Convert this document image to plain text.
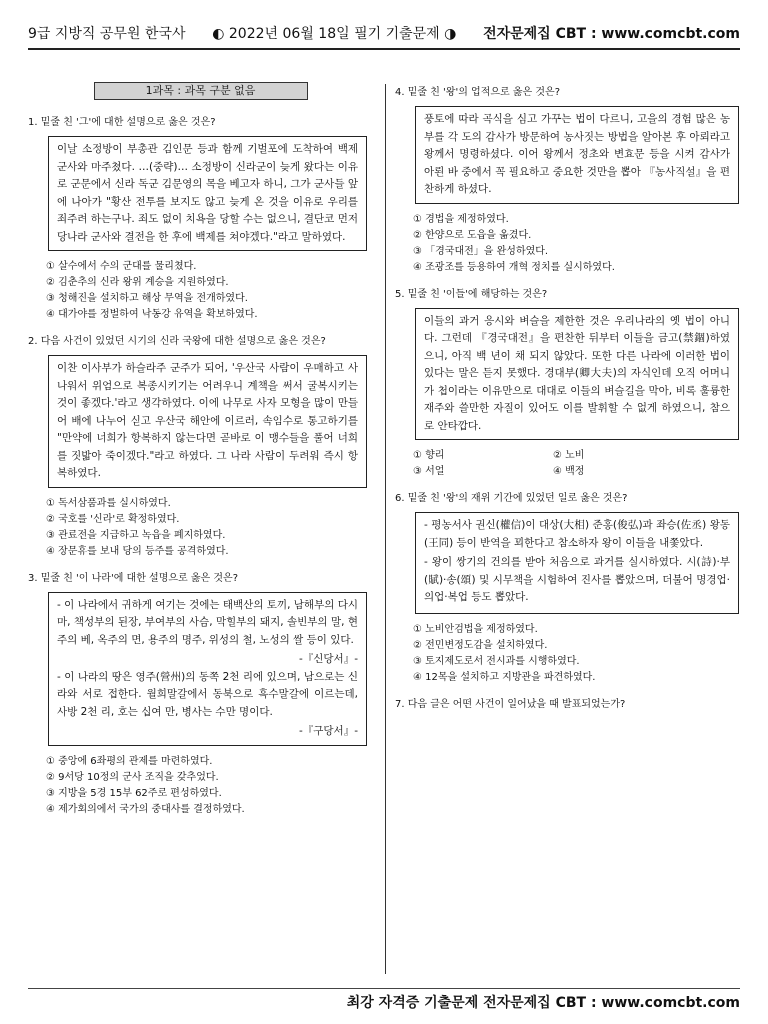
9급 지방직 공무원 한국사 ◐ 2022년 06월 18일 필기 기출문제 ◑ 전자문제집 CBT : www.comcbt.com
1과목 : 과목 구분 없음
1. 밑줄 친 '그'에 대한 설명으로 옳은 것은?
이날 소정방이 부총관 김인문 등과 함께 기벌포에 도착하여 백제 군사와 마주쳤다. …(중략)… 소정방이 신라군이 늦게 왔다는 이유로 군문에서 신라 독군 김문영의 목을 베고자 하니, 그가 군사들 앞에 나아가 "황산 전투를 보지도 않고 늦게 온 것을 이유로 우리를 죄주려 하는구나. 죄도 없이 치욕을 당할 수는 없으니, 결단코 먼저 당나라 군사와 결전을 한 후에 백제를 쳐야겠다."라고 말하였다.
① 살수에서 수의 군대를 물리쳤다.
② 김춘추의 신라 왕위 계승을 지원하였다.
③ 청해진을 설치하고 해상 무역을 전개하였다.
④ 대가야를 정벌하여 낙동강 유역을 확보하였다.
2. 다음 사건이 있었던 시기의 신라 국왕에 대한 설명으로 옳은 것은?
이찬 이사부가 하슬라주 군주가 되어, '우산국 사람이 우매하고 사나워서 위엄으로 복종시키기는 어려우니 계책을 써서 굴복시키는 것이 좋겠다.'라고 생각하였다. 이에 나무로 사자 모형을 많이 만들어 배에 나누어 싣고 우산국 해안에 이르러, 속임수로 통고하기를 "만약에 너희가 항복하지 않는다면 곧바로 이 맹수들을 풀어 너희를 짓밟아 죽이겠다."라고 하였다. 그 나라 사람이 두려워 즉시 항복하였다.
① 독서삼품과를 실시하였다.
② 국호를 '신라'로 확정하였다.
③ 관료전을 지급하고 녹읍을 폐지하였다.
④ 장문휴를 보내 당의 등주를 공격하였다.
3. 밑줄 친 '이 나라'에 대한 설명으로 옳은 것은?
- 이 나라에서 귀하게 여기는 것에는 태백산의 토끼, 남해부의 다시마, 책성부의 된장, 부여부의 사슴, 막힐부의 돼지, 솔빈부의 말, 현주의 베, 옥주의 면, 용주의 명주, 위성의 철, 노성의 쌀 등이 있다.
-『신당서』-
- 이 나라의 땅은 영주(營州)의 동쪽 2천 리에 있으며, 남으로는 신라와 서로 접한다. 월희말갈에서 동북으로 흑수말갈에 이르는데, 사방 2천 리, 호는 십여 만, 병사는 수만 명이다.
-『구당서』-
① 중앙에 6좌평의 관제를 마련하였다.
② 9서당 10정의 군사 조직을 갖추었다.
③ 지방을 5경 15부 62주로 편성하였다.
④ 제가회의에서 국가의 중대사를 결정하였다.
4. 밑줄 친 '왕'의 업적으로 옳은 것은?
풍토에 따라 곡식을 심고 가꾸는 법이 다르니, 고을의 경험 많은 농부를 각 도의 감사가 방문하여 농사짓는 방법을 알아본 후 아뢰라고 왕께서 명령하셨다. 이어 왕께서 정초와 변효문 등을 시켜 감사가 아뢴 바 중에서 꼭 필요하고 중요한 것만을 뽑아 『농사직설』을 편찬하게 하셨다.
① 경법을 제정하였다.
② 한양으로 도읍을 옮겼다.
③ 「경국대전」을 완성하였다.
④ 조광조를 등용하여 개혁 정치를 실시하였다.
5. 밑줄 친 '이들'에 해당하는 것은?
이들의 과거 응시와 벼슬을 제한한 것은 우리나라의 옛 법이 아니다. 그런데 『경국대전』을 편찬한 뒤부터 이들을 금고(禁錮)하였으니, 아직 백 년이 채 되지 않았다. 또한 다른 나라에 이러한 법이 있다는 말은 듣지 못했다. 경대부(卿大夫)의 자식인데 오직 어머니가 첩이라는 이유만으로 대대로 이들의 벼슬길을 막아, 비록 훌륭한 재주와 쓸만한 자질이 있어도 이를 발휘할 수 없게 하였으니, 참으로 안타깝다.
① 향리	② 노비
③ 서얼	④ 백정
6. 밑줄 친 '왕'의 재위 기간에 있었던 일로 옳은 것은?
- 평농서사 권신(權信)이 대상(大相) 준홍(俊弘)과 좌승(佐丞) 왕동(王同) 등이 반역을 꾀한다고 참소하자 왕이 이들을 내쫓았다.
- 왕이 쌍기의 건의를 받아 처음으로 과거를 실시하였다. 시(詩)·부(賦)·송(頌) 및 시무책을 시험하여 진사를 뽑았으며, 더불어 명경업·의업·복업 등도 뽑았다.
① 노비안검법을 제정하였다.
② 전민변정도감을 설치하였다.
③ 토지제도로서 전시과를 시행하였다.
④ 12목을 설치하고 지방관을 파견하였다.
7. 다음 글은 어떤 사건이 일어났을 때 발표되었는가?
최강 자격증 기출문제 전자문제집 CBT : www.comcbt.com
